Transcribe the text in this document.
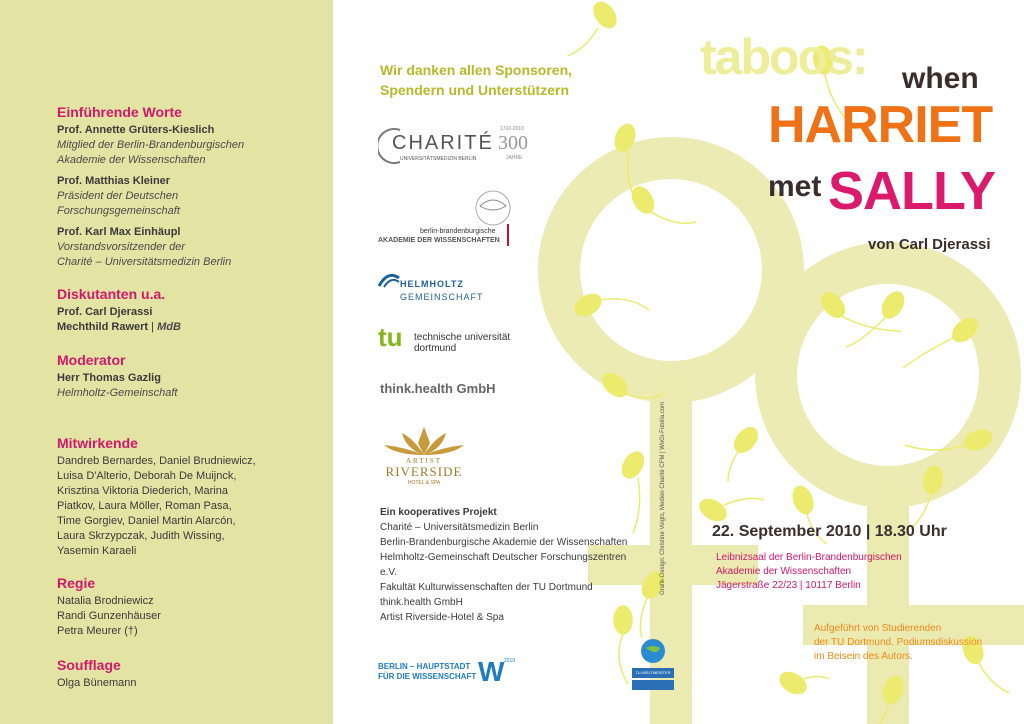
Einführende Worte
Prof. Annette Grüters-Kieslich
Mitglied der Berlin-Brandenburgischen
Akademie der Wissenschaften
Prof. Matthias Kleiner
Präsident der Deutschen
Forschungsgemeinschaft
Prof. Karl Max Einhäupl
Vorstandsvorsitzender der
Charité – Universitätsmedizin Berlin
Diskutanten u.a.
Prof. Carl Djerassi
Mechthild Rawert | MdB
Moderator
Herr Thomas Gazlig
Helmholtz-Gemeinschaft
Mitwirkende
Dandreb Bernardes, Daniel Brudniewicz,
Luisa D'Alterio, Deborah De Muijnck,
Krisztina Viktoria Diederich, Marina
Piatkov, Laura Möller, Roman Pasa,
Time Gorgiev, Daniel Martin Alarcón,
Laura Skrzypczak, Judith Wissing,
Yasemin Karaeli
Regie
Natalia Brodniewicz
Randi Gunzenhäuser
Petra Meurer (†)
Soufflage
Olga Bünemann
Wir danken allen Sponsoren, Spendern und Unterstützern
CHARITÉ
UNIVERSITÄTSMEDIZIN BERLIN
1710-2010
300
JAHRE
berlin-brandenburgische
AKADEMIE DER WISSENSCHAFTEN
HELMHOLTZ
GEMEINSCHAFT
tu technische universität
dortmund
think.health GmbH
ARTIST
RIVERSIDE
HOTEL & SPA
Ein kooperatives Projekt
Charité – Universitätsmedizin Berlin
Berlin-Brandenburgische Akademie der Wissenschaften
Helmholtz-Gemeinschaft Deutscher Forschungszentren e.V.
Fakultät Kulturwissenschaften der TU Dortmund
think.health GmbH
Artist Riverside-Hotel & Spa
Grafik-Design: Christine Voigts, Medien Charité CFM | WoGi-Fotolia.com
BERLIN – HAUPTSTADT
FÜR DIE WISSENSCHAFT W 2010
TU-WELTMEISTER
taboos: when
HARRIET
met SALLY
von Carl Djerassi
22. September 2010 | 18.30 Uhr
Leibnizsaal der Berlin-Brandenburgischen
Akademie der Wissenschaften
Jägerstraße 22/23 | 10117 Berlin
Aufgeführt von Studierenden
der TU Dortmund. Podiumsdiskussion
im Beisein des Autors.
